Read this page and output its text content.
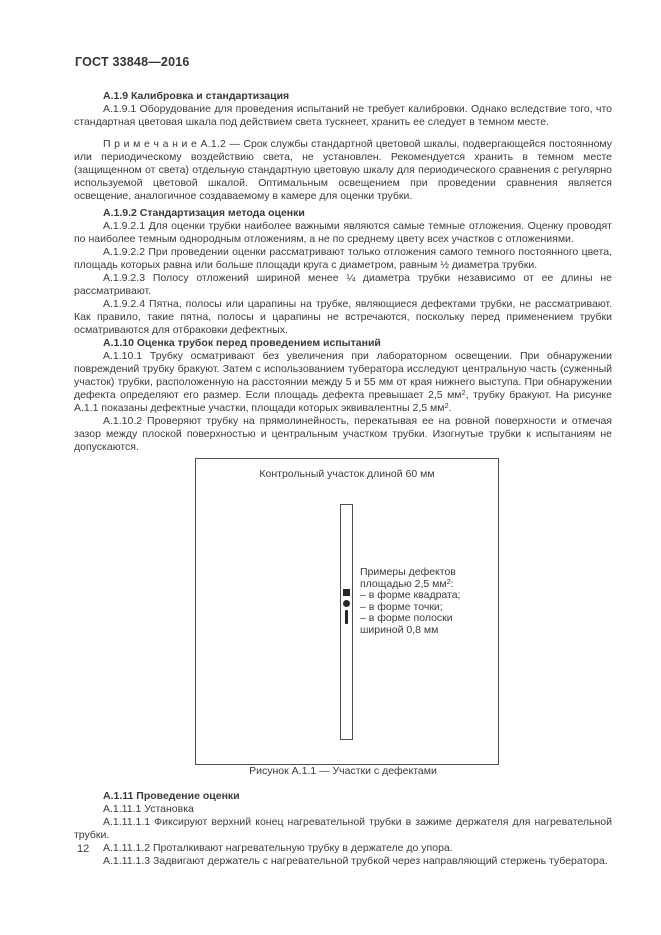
ГОСТ 33848—2016

А.1.9 Калибровка и стандартизация

А.1.9.1 Оборудование для проведения испытаний не требует калибровки. Однако вследствие того, что стандартная цветовая шкала под действием света тускнеет, хранить ее следует в темном месте.

П р и м е ч а н и е А.1.2 — Срок службы стандартной цветовой шкалы, подвергающейся постоянному или периодическому воздействию света, не установлен. Рекомендуется хранить в темном месте (защищенном от света) отдельную стандартную цветовую шкалу для периодического сравнения с регулярно используемой цветовой шкалой. Оптимальным освещением при проведении сравнения является освещение, аналогичное создаваемому в камере для оценки трубки.

А.1.9.2 Стандартизация метода оценки

А.1.9.2.1 Для оценки трубки наиболее важными являются самые темные отложения. Оценку проводят по наиболее темным однородным отложениям, а не по среднему цвету всех участков с отложениями.

А.1.9.2.2 При проведении оценки рассматривают только отложения самого темного постоянного цвета, площадь которых равна или больше площади круга с диаметром, равным ½ диаметра трубки.

А.1.9.2.3 Полосу отложений шириной менее ¼ диаметра трубки независимо от ее длины не рассматривают.

А.1.9.2.4 Пятна, полосы или царапины на трубке, являющиеся дефектами трубки, не рассматривают. Как правило, такие пятна, полосы и царапины не встречаются, поскольку перед применением трубки осматриваются для отбраковки дефектных.

А.1.10 Оценка трубок перед проведением испытаний

А.1.10.1 Трубку осматривают без увеличения при лабораторном освещении. При обнаружении повреждений трубку бракуют. Затем с использованием тубератора исследуют центральную часть (суженный участок) трубки, расположенную на расстоянии между 5 и 55 мм от края нижнего выступа. При обнаружении дефекта определяют его размер. Если площадь дефекта превышает 2,5 $мм^2$, трубку бракуют. На рисунке А.1.1 показаны дефектные участки, площади которых эквивалентны 2,5 $мм^2$.

А.1.10.2 Проверяют трубку на прямолинейность, перекатывая ее на ровной поверхности и отмечая зазор между плоской поверхностью и центральным участком трубки. Изогнутые трубки к испытаниям не допускаются.

Контрольный участок длиной 60 мм
Примеры дефектов
площадью 2,5 $мм^2$:
– в форме квадрата;
– в форме точки;
– в форме полоски
шириной 0,8 мм

Рисунок А.1.1 — Участки с дефектами

А.1.11 Проведение оценки

А.1.11.1 Установка

А.1.11.1.1 Фиксируют верхний конец нагревательной трубки в зажиме держателя для нагревательной трубки.

А.1.11.1.2 Проталкивают нагревательную трубку в держателе до упора.

А.1.11.1.3 Задвигают держатель с нагревательной трубкой через направляющий стержень тубератора.

12
